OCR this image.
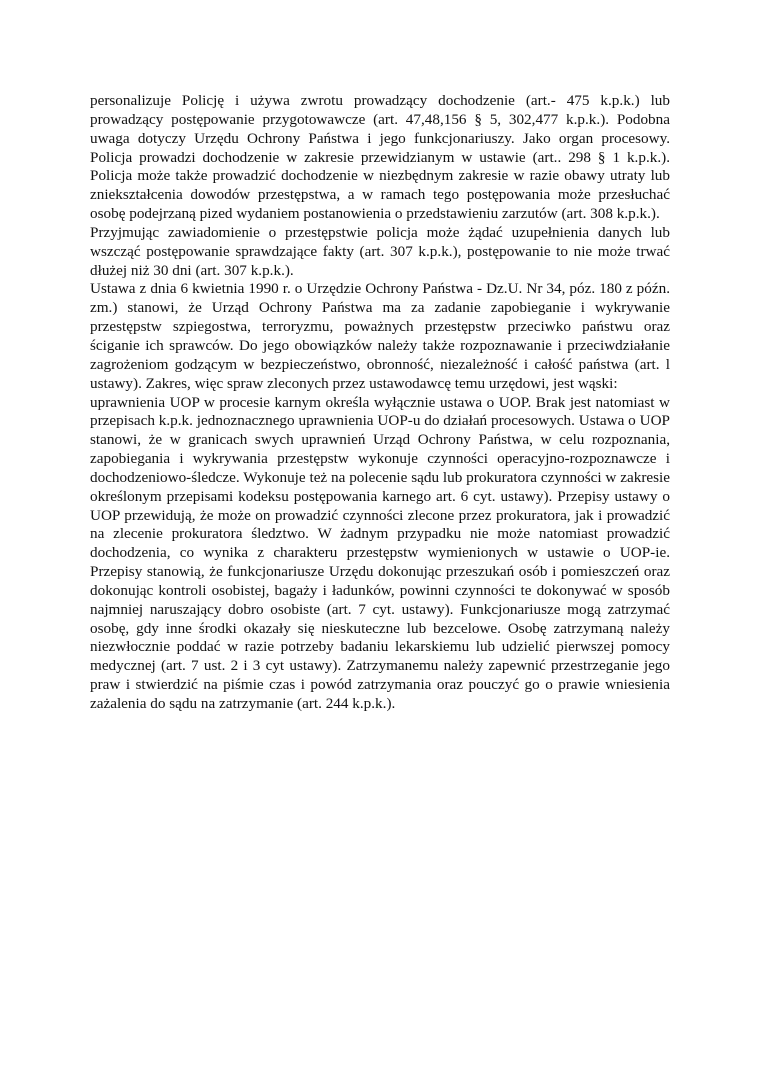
personalizuje Policję i używa zwrotu prowadzący dochodzenie (art.- 475 k.p.k.) lub prowadzący postępowanie przygotowawcze (art. 47,48,156 § 5, 302,477 k.p.k.). Podobna uwaga dotyczy Urzędu Ochrony Państwa i jego funkcjonariuszy. Jako organ procesowy. Policja prowadzi dochodzenie w zakresie przewidzianym w ustawie (art.. 298 § 1 k.p.k.). Policja może także prowadzić dochodzenie w niezbędnym zakresie w razie obawy utraty lub zniekształcenia dowodów przestępstwa, a w ramach tego postępowania może przesłuchać osobę podejrzaną pized wydaniem postanowienia o przedstawieniu zarzutów (art. 308 k.p.k.).

Przyjmując zawiadomienie o przestępstwie policja może żądać uzupełnienia danych lub wszcząć postępowanie sprawdzające fakty (art. 307 k.p.k.), postępowanie to nie może trwać dłużej niż 30 dni (art. 307 k.p.k.).

Ustawa z dnia 6 kwietnia 1990 r. o Urzędzie Ochrony Państwa - Dz.U. Nr 34, póz. 180 z późn. zm.) stanowi, że Urząd Ochrony Państwa ma za zadanie zapobieganie i wykrywanie przestępstw szpiegostwa, terroryzmu, poważnych przestępstw przeciwko państwu oraz ściganie ich sprawców. Do jego obowiązków należy także rozpoznawanie i przeciwdziałanie zagrożeniom godzącym w bezpieczeństwo, obronność, niezależność i całość państwa (art. l ustawy). Zakres, więc spraw zleconych przez ustawodawcę temu urzędowi, jest wąski:

uprawnienia UOP w procesie karnym określa wyłącznie ustawa o UOP. Brak jest natomiast w przepisach k.p.k. jednoznacznego uprawnienia UOP-u do działań procesowych. Ustawa o UOP stanowi, że w granicach swych uprawnień Urząd Ochrony Państwa, w celu rozpoznania, zapobiegania i wykrywania przestępstw wykonuje czynności operacyjno-rozpoznawcze i dochodzeniowo-śledcze. Wykonuje też na polecenie sądu lub prokuratora czynności w zakresie określonym przepisami kodeksu postępowania karnego art. 6 cyt. ustawy). Przepisy ustawy o UOP przewidują, że może on prowadzić czynności zlecone przez prokuratora, jak i prowadzić na zlecenie prokuratora śledztwo. W żadnym przypadku nie może natomiast prowadzić dochodzenia, co wynika z charakteru przestępstw wymienionych w ustawie o UOP-ie. Przepisy stanowią, że funkcjonariusze Urzędu dokonując przeszukań osób i pomieszczeń oraz dokonując kontroli osobistej, bagaży i ładunków, powinni czynności te dokonywać w sposób najmniej naruszający dobro osobiste (art. 7 cyt. ustawy). Funkcjonariusze mogą zatrzymać osobę, gdy inne środki okazały się nieskuteczne lub bezcelowe. Osobę zatrzymaną należy niezwłocznie poddać w razie potrzeby badaniu lekarskiemu lub udzielić pierwszej pomocy medycznej (art. 7 ust. 2 i 3 cyt ustawy). Zatrzymanemu należy zapewnić przestrzeganie jego praw i stwierdzić na piśmie czas i powód zatrzymania oraz pouczyć go o prawie wniesienia zażalenia do sądu na zatrzymanie (art. 244 k.p.k.).
